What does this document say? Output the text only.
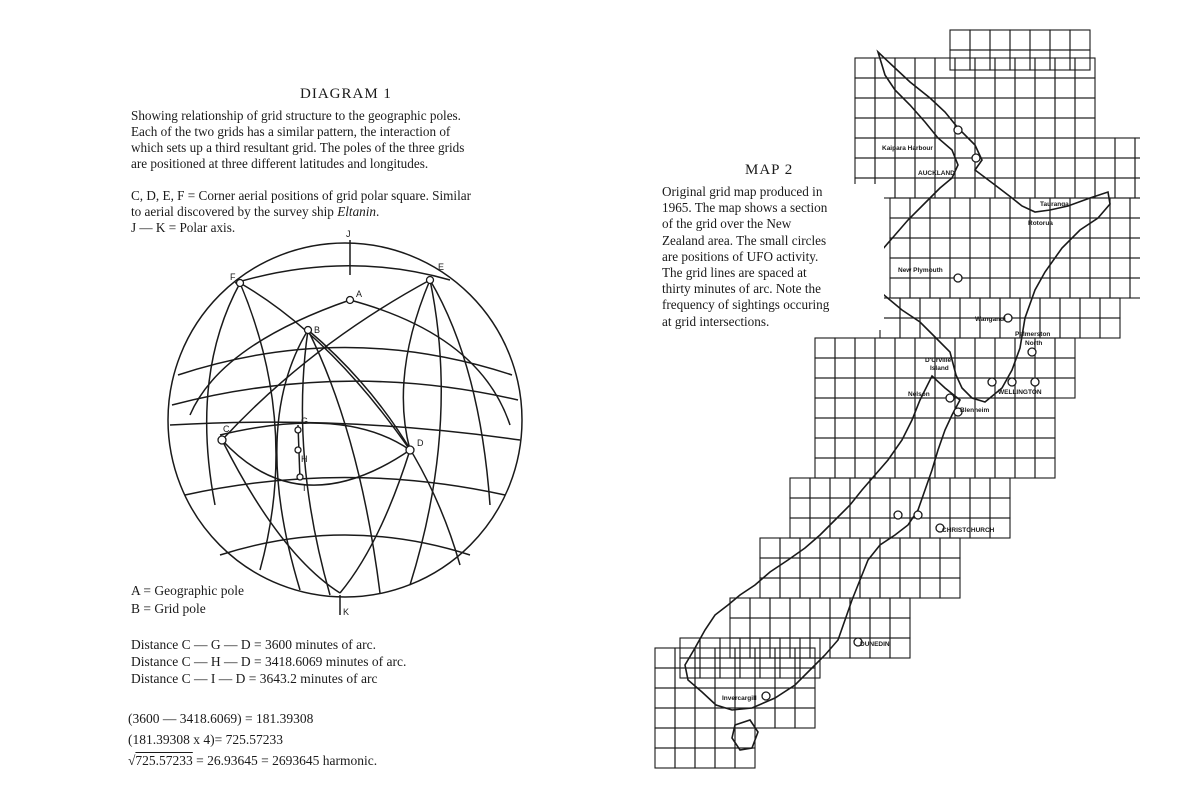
DIAGRAM 1
Showing relationship of grid structure to the geographic poles.
Each of the two grids has a similar pattern, the interaction of
which sets up a third resultant grid. The poles of the three grids
are positioned at three different latitudes and longitudes.
C, D, E, F = Corner aerial positions of grid polar square. Similar
to aerial discovered by the survey ship Eltanin.
J — K = Polar axis.	J
E
F
A
B
C
D
G
H
I
K
A = Geographic pole
B = Grid pole
Distance C — G — D = 3600 minutes of arc.
Distance C — H — D = 3418.6069 minutes of arc.
Distance C — I — D = 3643.2 minutes of arc
(3600 — 3418.6069) = 181.39308
(181.39308 x 4)= 725.57233
√725.57233 = 26.93645 = 2693645 harmonic.
Kaipara Harbour
AUCKLAND
Tauranga
Rotorua
New Plymouth
Wanganui
Palmerston
North
D'Urville
Island
Nelson
Blenheim
WELLINGTON
CHRISTCHURCH
DUNEDIN
Invercargill
MAP 2
Original grid map produced in
1965. The map shows a section
of the grid over the New
Zealand area. The small circles
are positions of UFO activity.
The grid lines are spaced at
thirty minutes of arc. Note the
frequency of sightings occuring
at grid intersections.
